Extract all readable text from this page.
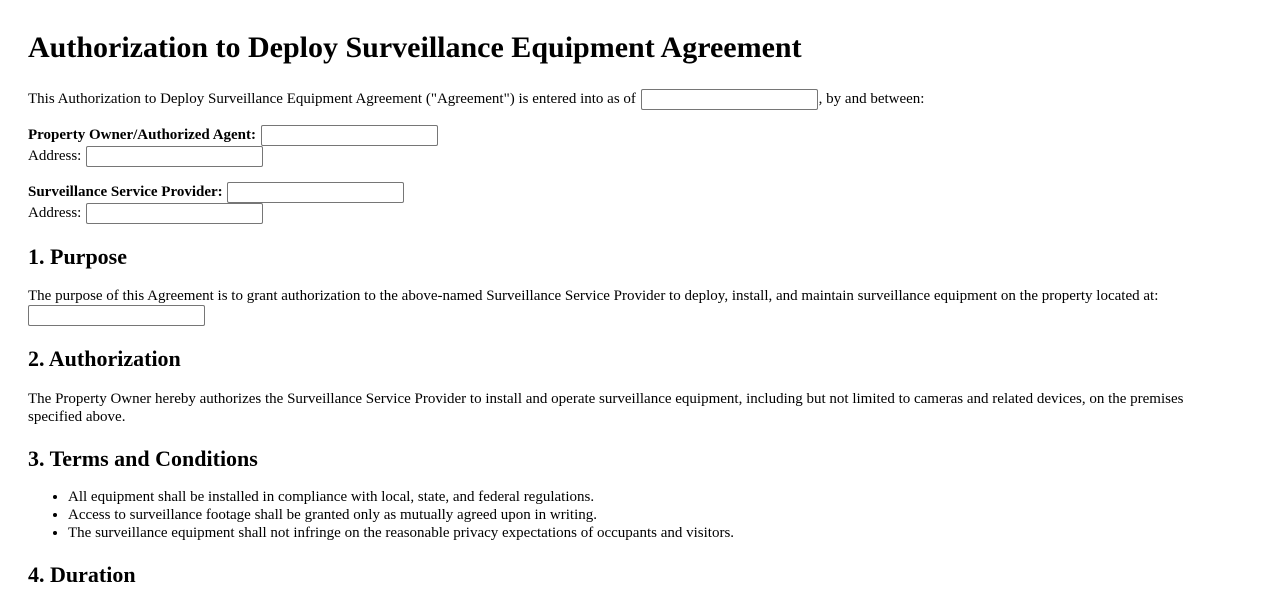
Authorization to Deploy Surveillance Equipment Agreement

This Authorization to Deploy Surveillance Equipment Agreement ("Agreement") is entered into as of	, by and between:

Property Owner/Authorized Agent:
Address:
Surveillance Service Provider:
Address:
1. Purpose

The purpose of this Agreement is to grant authorization to the above-named Surveillance Service Provider to deploy, install, and maintain surveillance equipment on the property located at:

2. Authorization

The Property Owner hereby authorizes the Surveillance Service Provider to install and operate surveillance equipment, including but not limited to cameras and related devices, on the premises specified above.

3. Terms and Conditions
• All equipment shall be installed in compliance with local, state, and federal regulations.
• Access to surveillance footage shall be granted only as mutually agreed upon in writing.
• The surveillance equipment shall not infringe on the reasonable privacy expectations of occupants and visitors.
4. Duration
